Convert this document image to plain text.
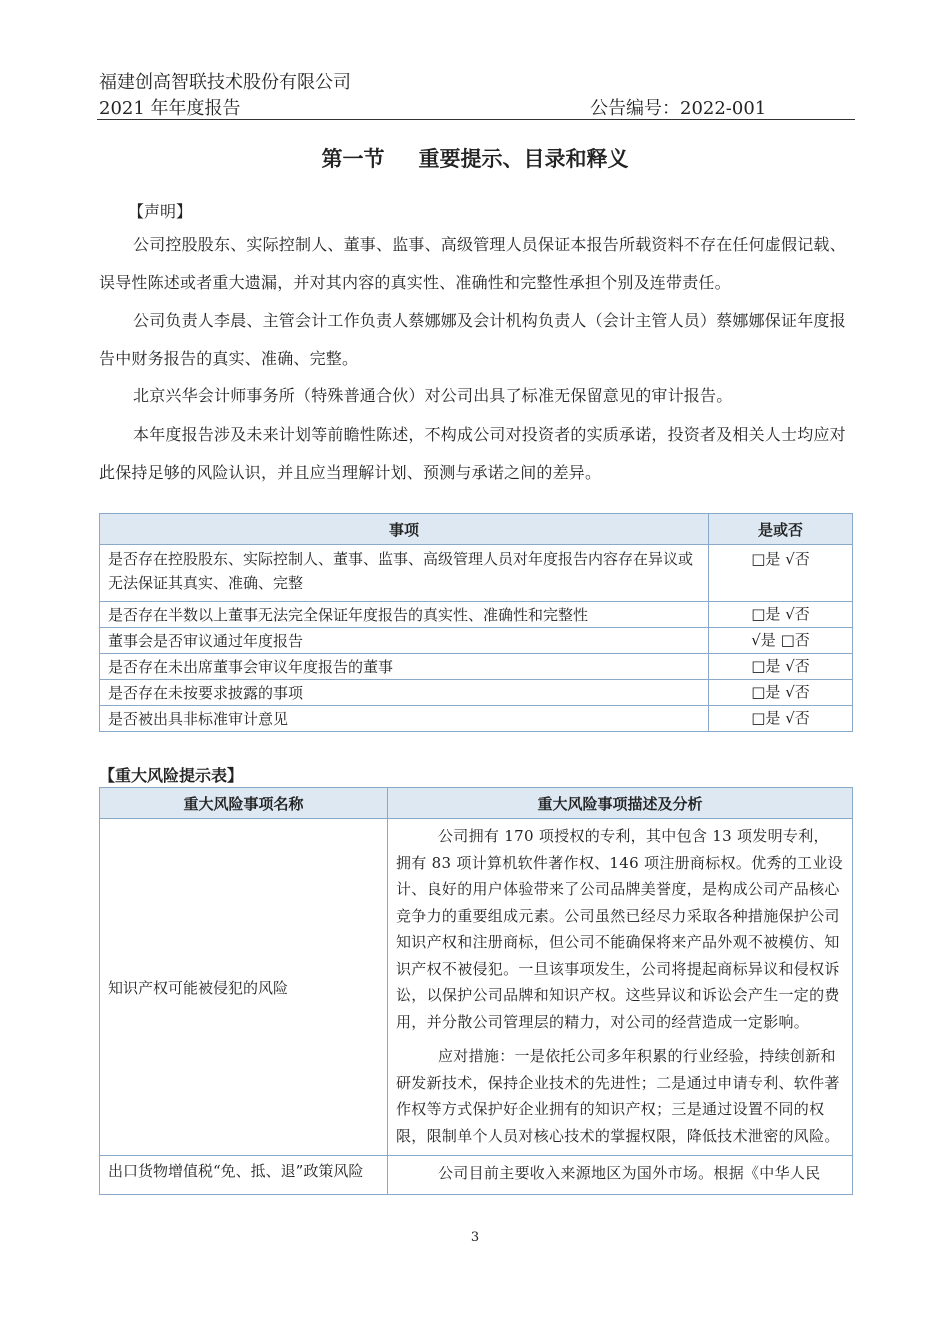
福建创高智联技术股份有限公司
2021 年年度报告	公告编号：2022-001
第一节 重要提示、目录和释义
【声明】
公司控股股东、实际控制人、董事、监事、高级管理人员保证本报告所载资料不存在任何虚假记载、误导性陈述或者重大遗漏，并对其内容的真实性、准确性和完整性承担个别及连带责任。
公司负责人李晨、主管会计工作负责人蔡娜娜及会计机构负责人（会计主管人员）蔡娜娜保证年度报告中财务报告的真实、准确、完整。
北京兴华会计师事务所（特殊普通合伙）对公司出具了标准无保留意见的审计报告。
本年度报告涉及未来计划等前瞻性陈述，不构成公司对投资者的实质承诺，投资者及相关人士均应对此保持足够的风险认识，并且应当理解计划、预测与承诺之间的差异。
事项	是或否
是否存在控股股东、实际控制人、董事、监事、高级管理人员对年度报告内容存在异议或无法保证其真实、准确、完整	□是 √否
是否存在半数以上董事无法完全保证年度报告的真实性、准确性和完整性	□是 √否
董事会是否审议通过年度报告	√是 □否
是否存在未出席董事会审议年度报告的董事	□是 √否
是否存在未按要求披露的事项	□是 √否
是否被出具非标准审计意见	□是 √否
【重大风险提示表】
重大风险事项名称	重大风险事项描述及分析
知识产权可能被侵犯的风险	公司拥有 170 项授权的专利，其中包含 13 项发明专利，拥有 83 项计算机软件著作权、146 项注册商标权。优秀的工业设计、良好的用户体验带来了公司品牌美誉度，是构成公司产品核心竞争力的重要组成元素。公司虽然已经尽力采取各种措施保护公司知识产权和注册商标，但公司不能确保将来产品外观不被模仿、知识产权不被侵犯。一旦该事项发生，公司将提起商标异议和侵权诉讼，以保护公司品牌和知识产权。这些异议和诉讼会产生一定的费用，并分散公司管理层的精力，对公司的经营造成一定影响。

应对措施：一是依托公司多年积累的行业经验，持续创新和研发新技术，保持企业技术的先进性；二是通过申请专利、软件著作权等方式保护好企业拥有的知识产权；三是通过设置不同的权限，限制单个人员对核心技术的掌握权限，降低技术泄密的风险。

出口货物增值税“免、抵、退”政策风险	公司目前主要收入来源地区为国外市场。根据《中华人民

3
